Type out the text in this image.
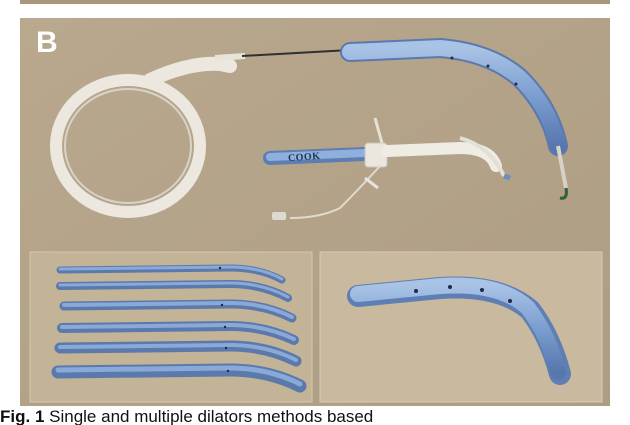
B
COOK
Fig. 1 Single and multiple dilators methods based
